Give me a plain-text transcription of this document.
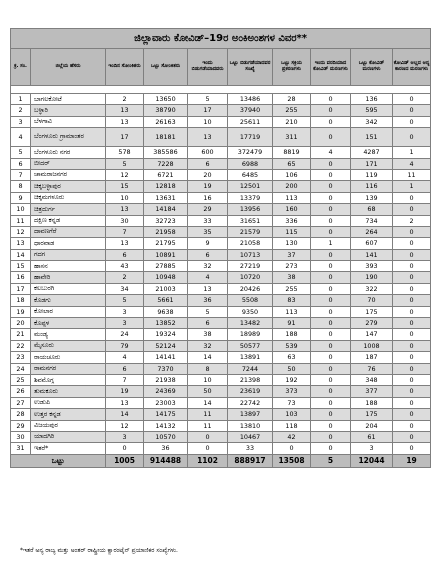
ಜಿಲ್ಲಾವಾರು ಕೋವಿಡ್–19ರ ಅಂಕಿಅಂಶಗಳ ವಿವರ**									
ಕ್ರ. ಸಂ.	ಜಿಲ್ಲೆಯ ಹೆಸರು	ಇಂದಿನ ಸೋಂಕಿತರು	ಒಟ್ಟು ಸೋಂಕಿತರು	ಇಂದು ಬಿಡುಗಡೆಯಾದವರು	ಒಟ್ಟು ಬಿಡುಗಡೆಯಾದವರ ಸಂಖ್ಯೆ	ಒಟ್ಟು ಸಕ್ರಿಯ ಪ್ರಕರಣಗಳು	ಇಂದು ವರದಿಯಾದ ಕೋವಿಡ್ ಮರಣಗಳು	ಒಟ್ಟು ಕೋವಿಡ್ ಮರಣಗಳು	ಕೋವಿಡ್ ಅಲ್ಲದ ಅನ್ಯ ಕಾರಣದ ಮರಣಗಳು

1	ಬಾಗಲಕೋಟೆ	2	13650	5	13486	28	0	136	0
2	ಬಳ್ಳಾರಿ	13	38790	17	37940	255	0	595	0
3	ಬೆಳಗಾವಿ	13	26163	10	25611	210	0	342	0
4	ಬೆಂಗಳೂರು ಗ್ರಾಮಾಂತರ	17	18181	13	17719	311	0	151	0
5	ಬೆಂಗಳೂರು ನಗರ	578	385586	600	372479	8819	4	4287	1
6	ಬೀದರ್	5	7228	6	6988	65	0	171	4
7	ಚಾಮರಾಜನಗರ	12	6721	20	6485	106	0	119	11
8	ಚಿಕ್ಕಬಳ್ಳಾಪುರ	15	12818	19	12501	200	0	116	1
9	ಚಿಕ್ಕಮಗಳೂರು	10	13631	16	13379	113	0	139	0
10	ಚಿತ್ರದುರ್ಗ	13	14184	29	13956	160	0	68	0
11	ದಕ್ಷಿಣ ಕನ್ನಡ	30	32723	33	31651	336	0	734	2
12	ದಾವಣಗೆರೆ	7	21958	35	21579	115	0	264	0
13	ಧಾರವಾಡ	13	21795	9	21058	130	1	607	0
14	ಗದಗ	6	10891	6	10713	37	0	141	0
15	ಹಾಸನ	43	27885	32	27219	273	0	393	0
16	ಹಾವೇರಿ	2	10948	4	10720	38	0	190	0
17	ಕಲಬುರಗಿ	34	21003	13	20426	255	0	322	0
18	ಕೊಡಗು	5	5661	36	5508	83	0	70	0
19	ಕೋಲಾರ	3	9638	5	9350	113	0	175	0
20	ಕೊಪ್ಪಳ	3	13852	6	13482	91	0	279	0
21	ಮಂಡ್ಯ	24	19324	38	18989	188	0	147	0
22	ಮೈಸೂರು	79	52124	32	50577	539	0	1008	0
23	ರಾಯಚೂರು	4	14141	14	13891	63	0	187	0
24	ರಾಮನಗರ	6	7370	8	7244	50	0	76	0
25	ಶಿವಮೊಗ್ಗ	7	21938	10	21398	192	0	348	0
26	ತುಮಕೂರು	19	24369	50	23619	373	0	377	0
27	ಉಡುಪಿ	13	23003	14	22742	73	0	188	0
28	ಉತ್ತರ ಕನ್ನಡ	14	14175	11	13897	103	0	175	0
29	ವಿಜಯಪುರ	12	14132	11	13810	118	0	204	0
30	ಯಾದಗಿರಿ	3	10570	0	10467	42	0	61	0
31	ಇತರೆ*	0	36	0	33	0	0	3	0
ಒಟ್ಟು		1005	914488	1102	888917	13508	5	12044	19
*ಇತರೆ ಅನ್ಯ ರಾಜ್ಯ ಮತ್ತು ಅಂತರ್ ರಾಷ್ಟ್ರೀಯ ಕ್ವಾರಂಟೈನ್ ಪ್ರಯಾಣಿಕರ ಸಂಖ್ಯೆಗಳು.
